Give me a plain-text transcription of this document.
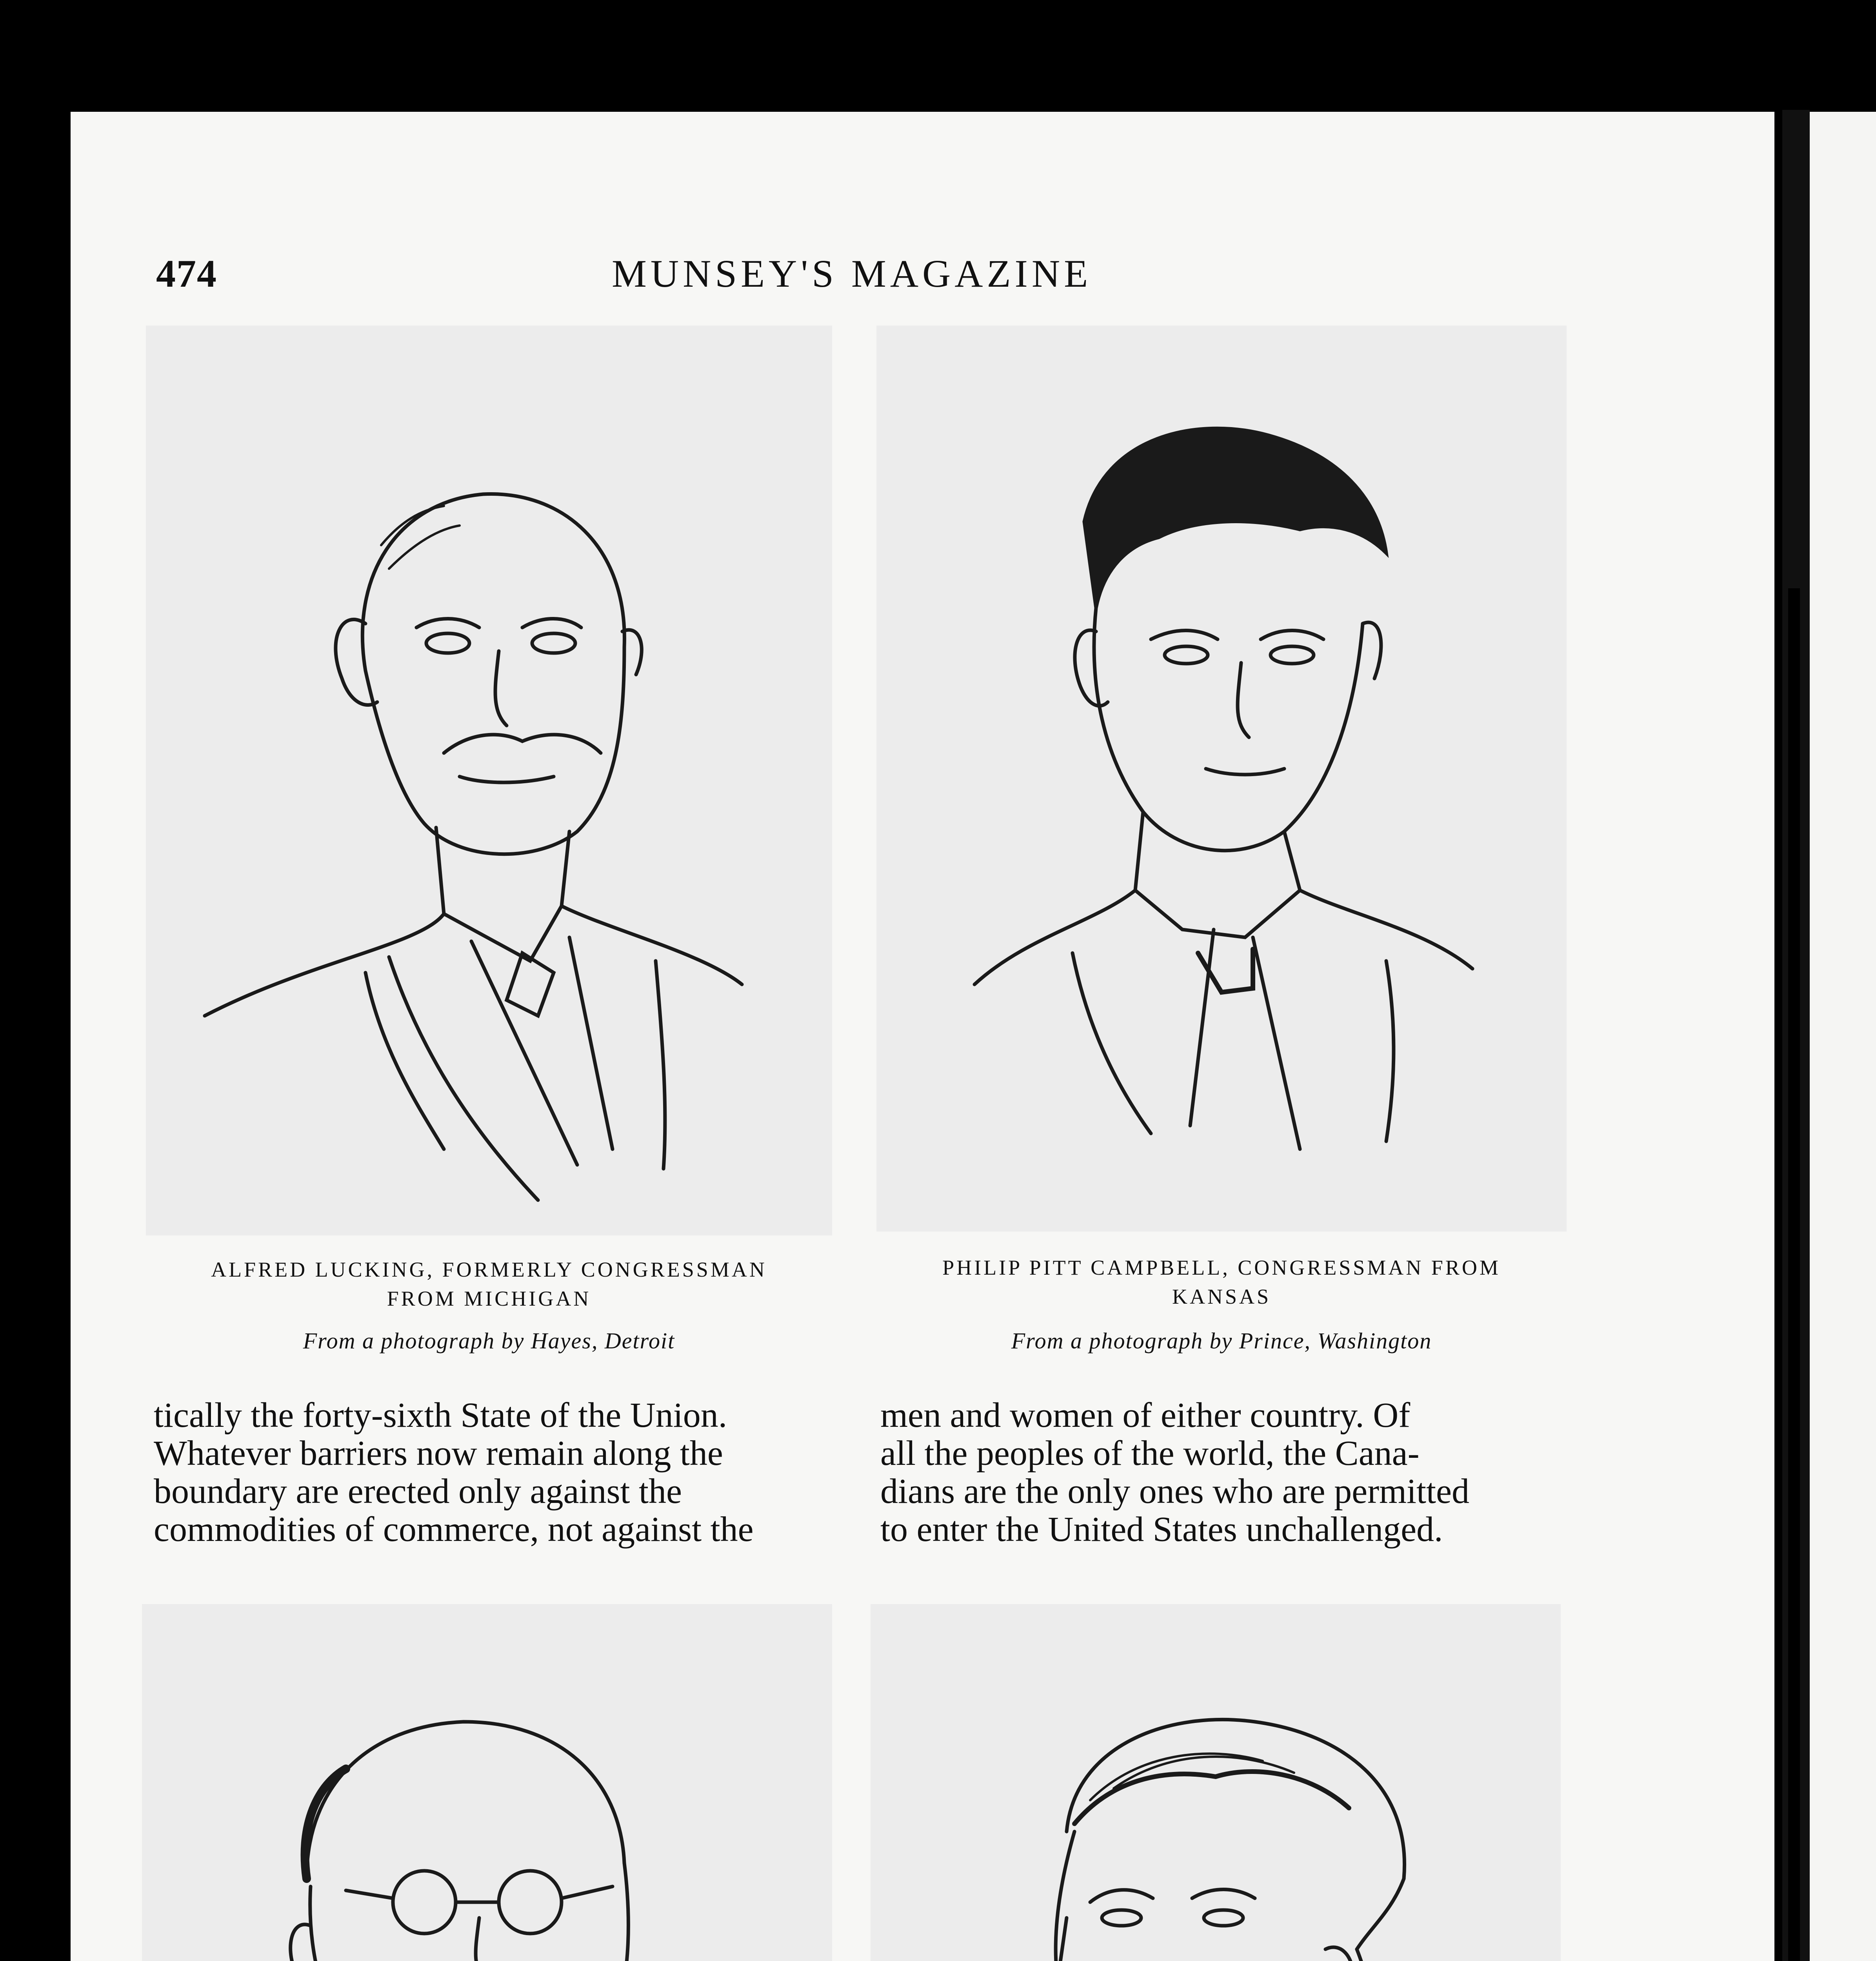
474	MUNSEY'S MAGAZINE
ALFRED LUCKING, FORMERLY CONGRESSMAN
FROM MICHIGAN
From a photograph by Hayes, Detroit
PHILIP PITT CAMPBELL, CONGRESSMAN FROM
KANSAS
From a photograph by Prince, Washington
tically the forty-sixth State of the Union.
Whatever barriers now remain along the
boundary are erected only against the
commodities of commerce, not against the
men and women of either country. Of
all the peoples of the world, the Cana-
dians are the only ones who are permitted
to enter the United States unchallenged.
